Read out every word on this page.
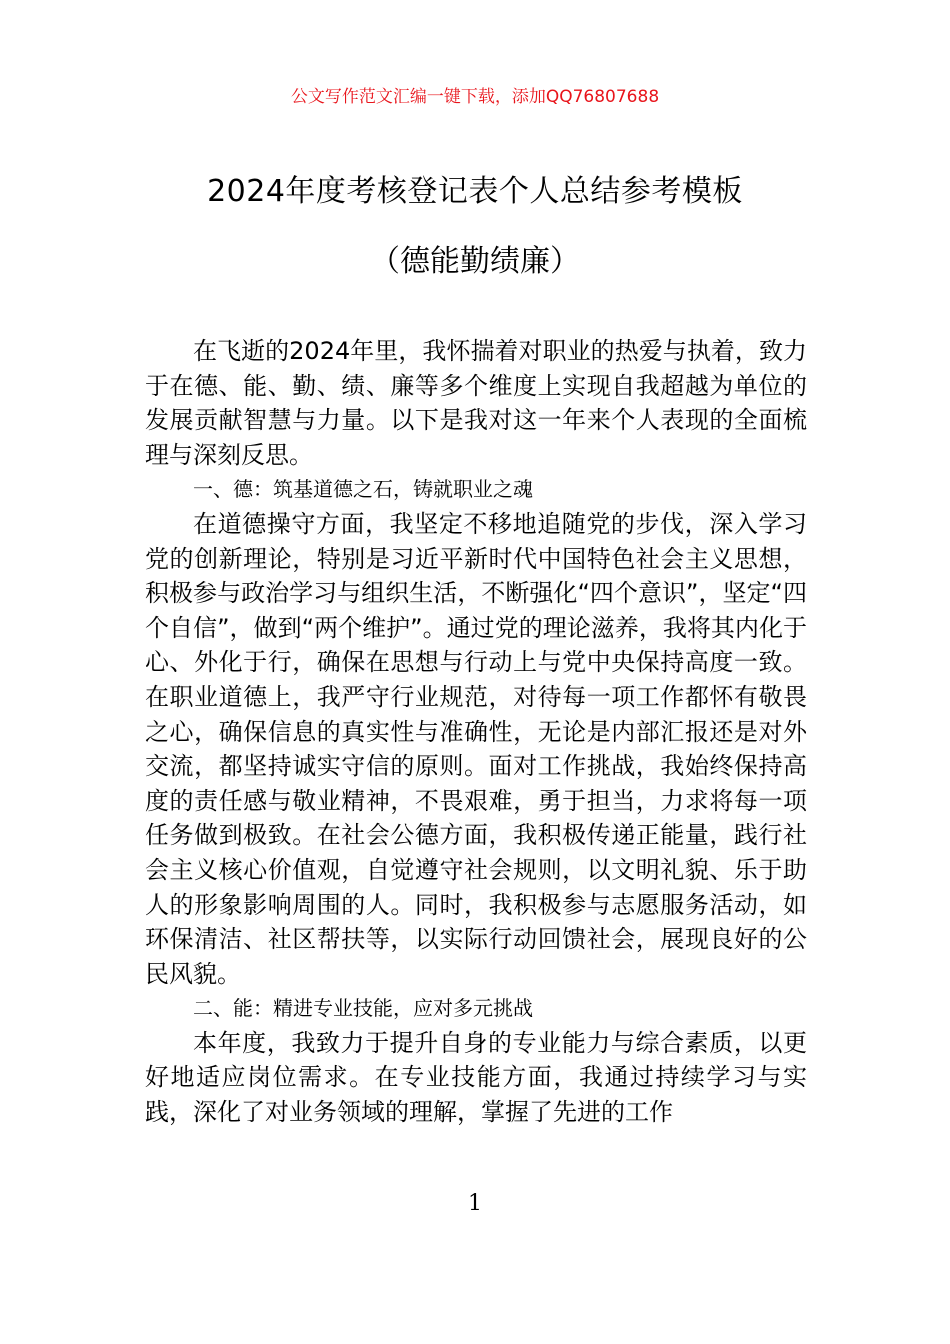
公文写作范文汇编一键下载，添加QQ76807688
2024年度考核登记表个人总结参考模板
（德能勤绩廉）

在飞逝的2024年里，我怀揣着对职业的热爱与执着，致力于在德、能、勤、绩、廉等多个维度上实现自我超越为单位的发展贡献智慧与力量。以下是我对这一年来个人表现的全面梳理与深刻反思。

一、德：筑基道德之石，铸就职业之魂

在道德操守方面，我坚定不移地追随党的步伐，深入学习党的创新理论，特别是习近平新时代中国特色社会主义思想，积极参与政治学习与组织生活，不断强化“四个意识”，坚定“四个自信”，做到“两个维护”。通过党的理论滋养，我将其内化于心、外化于行，确保在思想与行动上与党中央保持高度一致。在职业道德上，我严守行业规范，对待每一项工作都怀有敬畏之心，确保信息的真实性与准确性，无论是内部汇报还是对外交流，都坚持诚实守信的原则。面对工作挑战，我始终保持高度的责任感与敬业精神，不畏艰难，勇于担当，力求将每一项任务做到极致。在社会公德方面，我积极传递正能量，践行社会主义核心价值观，自觉遵守社会规则，以文明礼貌、乐于助人的形象影响周围的人。同时，我积极参与志愿服务活动，如环保清洁、社区帮扶等，以实际行动回馈社会，展现良好的公民风貌。

二、能：精进专业技能，应对多元挑战

本年度，我致力于提升自身的专业能力与综合素质，以更好地适应岗位需求。在专业技能方面，我通过持续学习与实践，深化了对业务领域的理解，掌握了先进的工作

1
